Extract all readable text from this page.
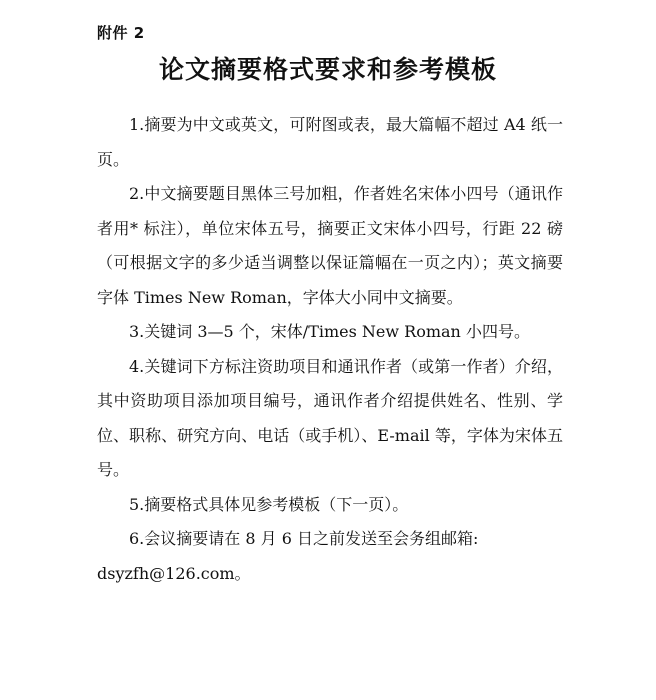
附件 2
论文摘要格式要求和参考模板

1.摘要为中文或英文，可附图或表，最大篇幅不超过 A4 纸一页。

2.中文摘要题目黑体三号加粗，作者姓名宋体小四号（通讯作者用* 标注），单位宋体五号，摘要正文宋体小四号，行距 22 磅（可根据文字的多少适当调整以保证篇幅在一页之内）；英文摘要字体 Times New Roman，字体大小同中文摘要。

3.关键词 3—5 个，宋体/Times New Roman 小四号。

4.关键词下方标注资助项目和通讯作者（或第一作者）介绍，其中资助项目添加项目编号，通讯作者介绍提供姓名、性别、学位、职称、研究方向、电话（或手机）、E-mail 等，字体为宋体五号。

5.摘要格式具体见参考模板（下一页）。

6.会议摘要请在 8 月 6 日之前发送至会务组邮箱:

dsyzfh@126.com。
